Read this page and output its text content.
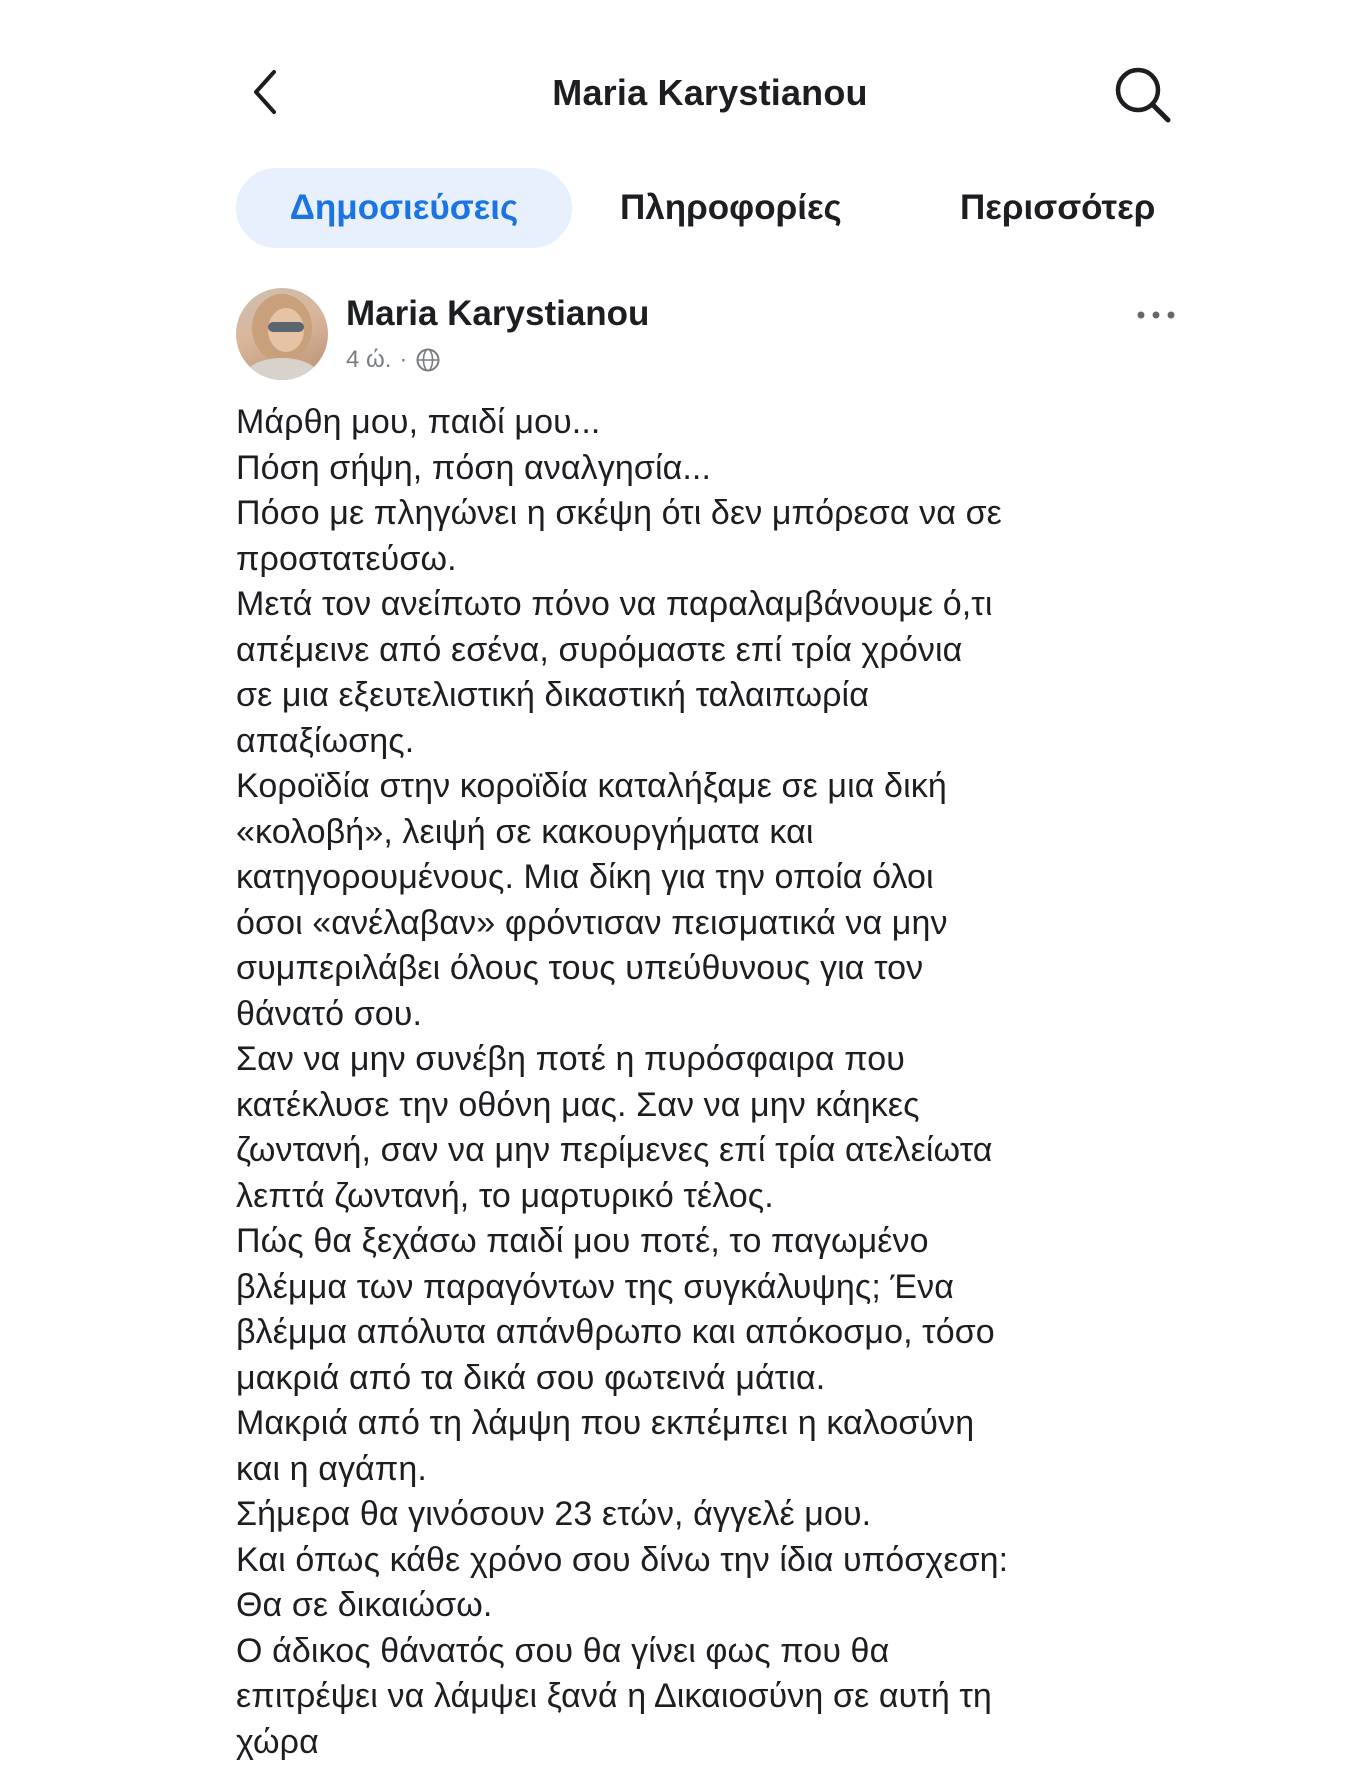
Maria Karystianou
Δημοσιεύσεις	Πληροφορίες	Περισσότερ
Maria Karystianou
4 ώ. ·
Μάρθη μου, παιδί μου...
Πόση σήψη, πόση αναλγησία...
Πόσο με πληγώνει η σκέψη ότι δεν μπόρεσα να σε
προστατεύσω.
Μετά τον ανείπωτο πόνο να παραλαμβάνουμε ό,τι
απέμεινε από εσένα, συρόμαστε επί τρία χρόνια
σε μια εξευτελιστική δικαστική ταλαιπωρία
απαξίωσης.
Κοροϊδία στην κοροϊδία καταλήξαμε σε μια δική
«κολοβή», λειψή σε κακουργήματα και
κατηγορουμένους. Μια δίκη για την οποία όλοι
όσοι «ανέλαβαν» φρόντισαν πεισματικά να μην
συμπεριλάβει όλους τους υπεύθυνους για τον
θάνατό σου.
Σαν να μην συνέβη ποτέ η πυρόσφαιρα που
κατέκλυσε την οθόνη μας. Σαν να μην κάηκες
ζωντανή, σαν να μην περίμενες επί τρία ατελείωτα
λεπτά ζωντανή, το μαρτυρικό τέλος.
Πώς θα ξεχάσω παιδί μου ποτέ, το παγωμένο
βλέμμα των παραγόντων της συγκάλυψης; Ένα
βλέμμα απόλυτα απάνθρωπο και απόκοσμο, τόσο
μακριά από τα δικά σου φωτεινά μάτια.
Μακριά από τη λάμψη που εκπέμπει η καλοσύνη
και η αγάπη.
Σήμερα θα γινόσουν 23 ετών, άγγελέ μου.
Και όπως κάθε χρόνο σου δίνω την ίδια υπόσχεση:
Θα σε δικαιώσω.
Ο άδικος θάνατός σου θα γίνει φως που θα
επιτρέψει να λάμψει ξανά η Δικαιοσύνη σε αυτή τη
χώρα
